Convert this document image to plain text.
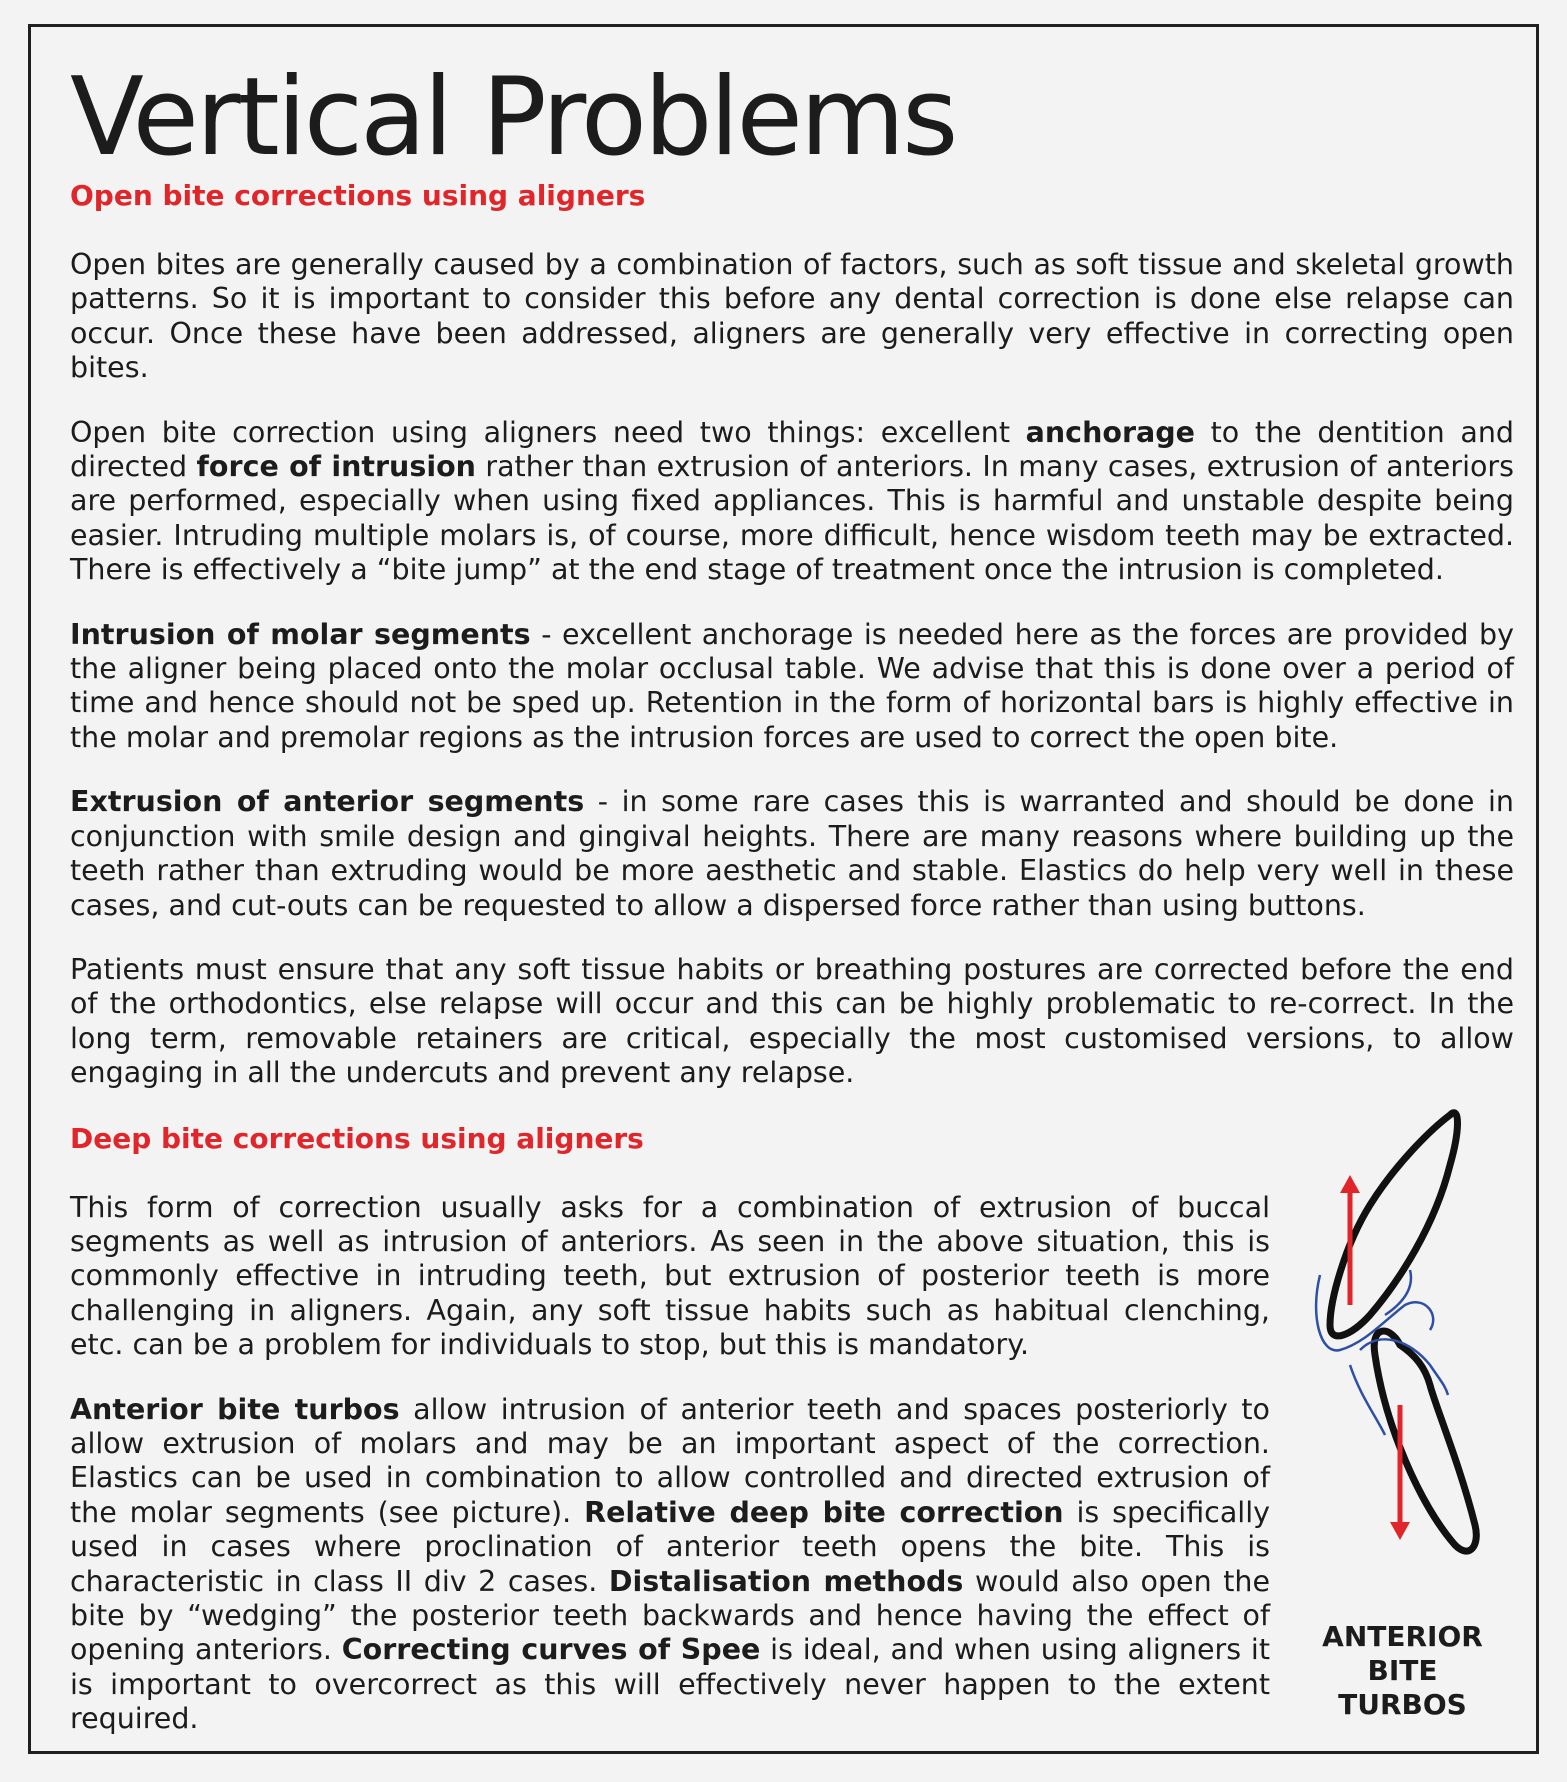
Vertical Problems
Open bite corrections using aligners

Open bites are generally caused by a combination of factors, such as soft tissue and skeletal growth patterns. So it is important to consider this before any dental correction is done else relapse can occur. Once these have been addressed, aligners are generally very effective in correcting open bites.

Open bite correction using aligners need two things: excellent anchorage to the dentition and directed force of intrusion rather than extrusion of anteriors. In many cases, extrusion of anteriors are performed, especially when using fixed appliances. This is harmful and unstable despite being easier. Intruding multiple molars is, of course, more difficult, hence wisdom teeth may be extracted. There is effectively a “bite jump” at the end stage of treatment once the intrusion is completed.

Intrusion of molar segments - excellent anchorage is needed here as the forces are provided by the aligner being placed onto the molar occlusal table. We advise that this is done over a period of time and hence should not be sped up. Retention in the form of horizontal bars is highly effective in the molar and premolar regions as the intrusion forces are used to correct the open bite.

Extrusion of anterior segments - in some rare cases this is warranted and should be done in conjunction with smile design and gingival heights. There are many reasons where building up the teeth rather than extruding would be more aesthetic and stable. Elastics do help very well in these cases, and cut-outs can be requested to allow a dispersed force rather than using buttons.

Patients must ensure that any soft tissue habits or breathing postures are corrected before the end of the orthodontics, else relapse will occur and this can be highly problematic to re-correct. In the long term, removable retainers are critical, especially the most customised versions, to allow engaging in all the undercuts and prevent any relapse.

Deep bite corrections using aligners

This form of correction usually asks for a combination of extrusion of buccal segments as well as intrusion of anteriors. As seen in the above situation, this is commonly effective in intruding teeth, but extrusion of posterior teeth is more challenging in aligners. Again, any soft tissue habits such as habitual clenching, etc. can be a problem for individuals to stop, but this is mandatory.

Anterior bite turbos allow intrusion of anterior teeth and spaces posteriorly to allow extrusion of molars and may be an important aspect of the correction. Elastics can be used in combination to allow controlled and directed extrusion of the molar segments (see picture). Relative deep bite correction is specifically used in cases where proclination of anterior teeth opens the bite. This is characteristic in class II div 2 cases. Distalisation methods would also open the bite by “wedging” the posterior teeth backwards and hence having the effect of opening anteriors. Correcting curves of Spee is ideal, and when using aligners it is important to overcorrect as this will effectively never happen to the extent required.

ANTERIOR
BITE
TURBOS
